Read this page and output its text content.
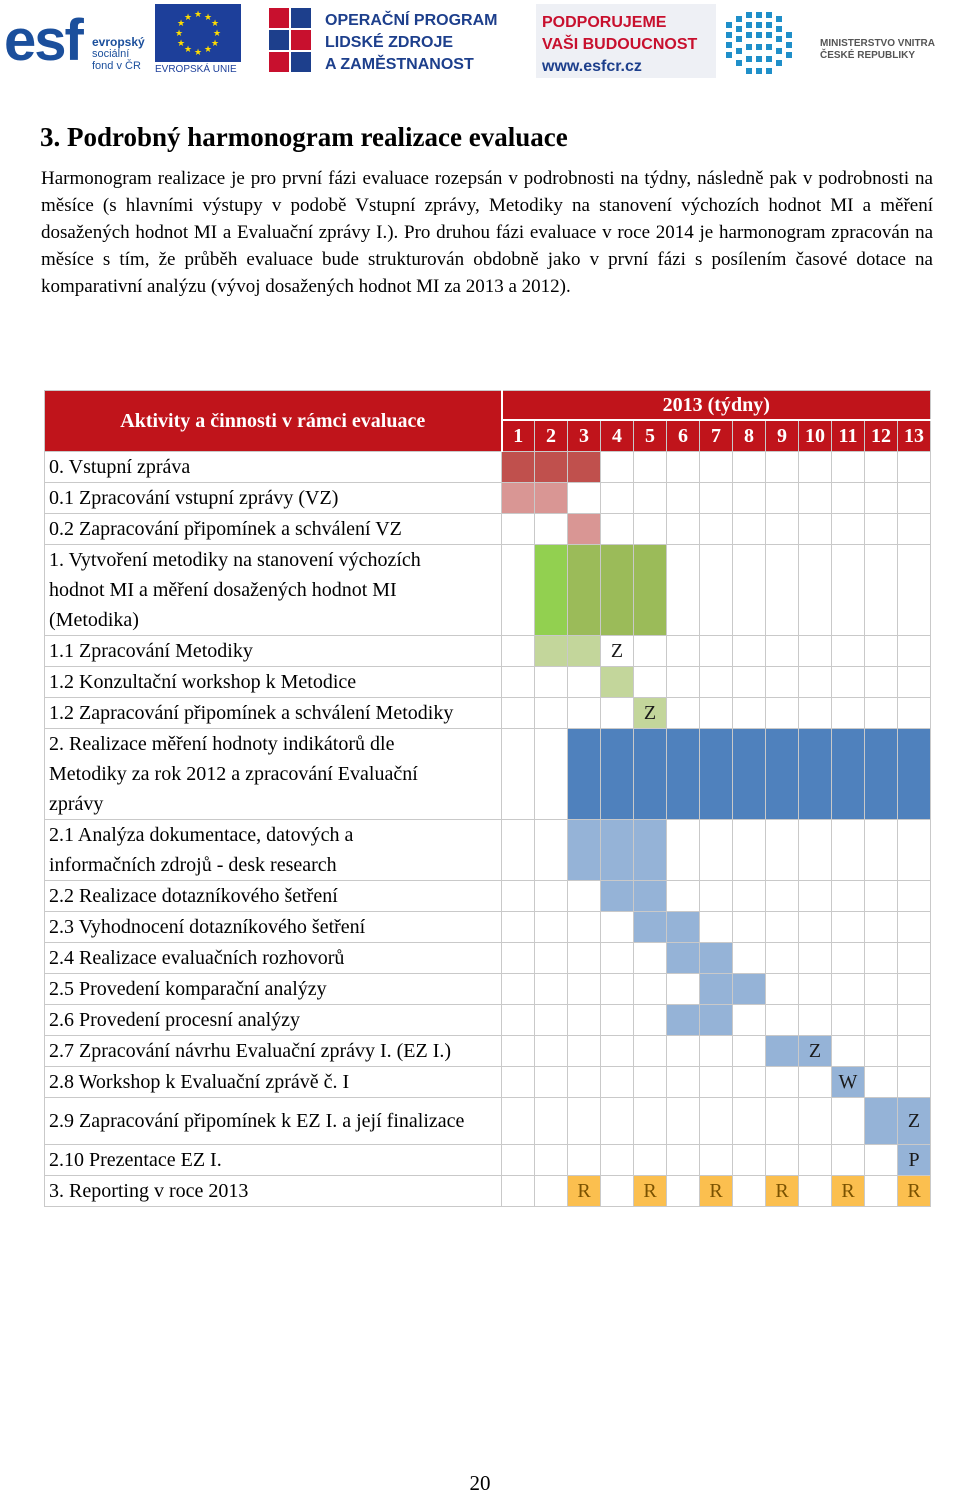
esf evropský
sociální
fond v ČR
★ ★
★
★
★
★
★
★
★
★
★
★
EVROPSKÁ UNIE
OPERAČNÍ PROGRAM
LIDSKÉ ZDROJE
A ZAMĚSTNANOST
PODPORUJEME
VAŠI BUDOUCNOST
www.esfcr.cz
MINISTERSTVO VNITRA
ČESKÉ REPUBLIKY
3. Podrobný harmonogram realizace evaluace

Harmonogram realizace je pro první fázi evaluace rozepsán v podrobnosti na týdny, následně pak v podrobnosti na měsíce (s hlavními výstupy v podobě Vstupní zprávy, Metodiky na stanovení výchozích hodnot MI a měření dosažených hodnot MI a Evaluační zprávy I.). Pro druhou fázi evaluace v roce 2014 je harmonogram zpracován na měsíce s tím, že průběh evaluace bude strukturován obdobně jako v první fázi s posílením časové dotace na komparativní analýzu (vývoj dosažených hodnot MI za 2013 a 2012).

Aktivity a činnosti v rámci evaluace	2013 (týdny)												
	1	2	3	4	5	6	7	8	9	10	11	12	13
0. Vstupní zpráva													
0.1 Zpracování vstupní zprávy (VZ)													
0.2 Zapracování připomínek a schválení VZ													
1. Vytvoření metodiky na stanovení výchozích
hodnot MI a měření dosažených hodnot MI
(Metodika)													
1.1 Zpracování Metodiky				Z									
1.2 Konzultační workshop k Metodice													
1.2 Zapracování připomínek a schválení Metodiky					Z								
2. Realizace měření hodnoty indikátorů dle
Metodiky za rok 2012 a zpracování Evaluační
zprávy													
2.1 Analýza dokumentace, datových a
informačních zdrojů - desk research													
2.2 Realizace dotazníkového šetření													
2.3 Vyhodnocení dotazníkového šetření													
2.4 Realizace evaluačních rozhovorů													
2.5 Provedení komparační analýzy													
2.6 Provedení procesní analýzy													
2.7 Zpracování návrhu Evaluační zprávy I. (EZ I.)										Z			
2.8 Workshop k Evaluační zprávě č. I											W		
2.9 Zapracování připomínek k EZ I. a její finalizace													Z
2.10 Prezentace EZ I.													P
3. Reporting v roce 2013			R		R		R		R		R		R
20
